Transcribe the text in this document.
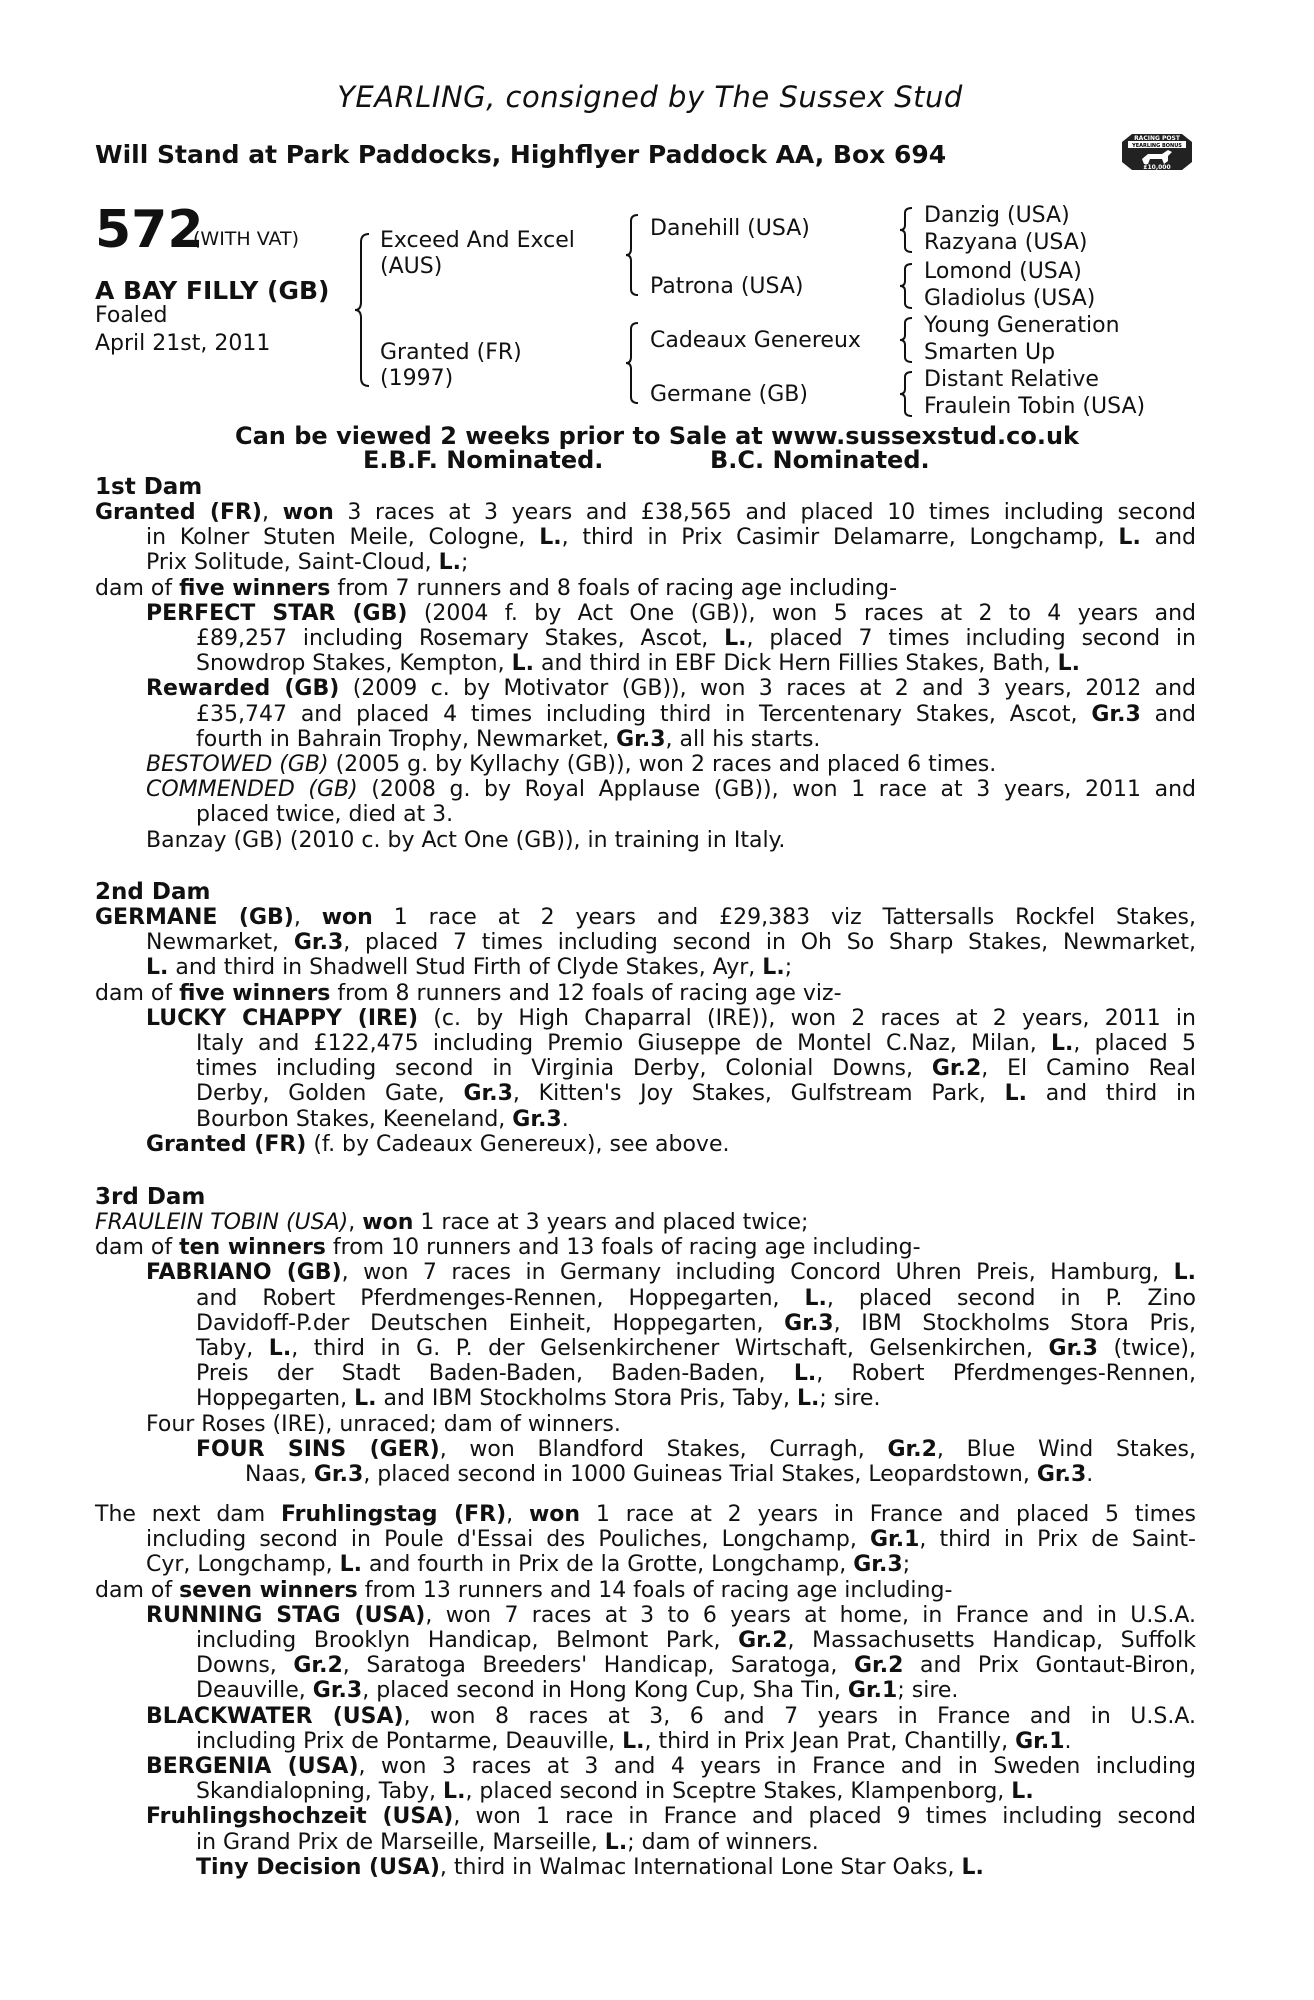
YEARLING, consigned by The Sussex Stud
Will Stand at Park Paddocks, Highflyer Paddock AA, Box 694
RACING POST
YEARLING BONUS
£10,000
572
(WITH VAT)
A BAY FILLY (GB)
Foaled
April 21st, 2011
Exceed And Excel
(AUS)
Granted (FR)
(1997)
Danehill (USA)
Patrona (USA)
Cadeaux Genereux
Germane (GB)
Danzig (USA)
Razyana (USA)
Lomond (USA)
Gladiolus (USA)
Young Generation
Smarten Up
Distant Relative
Fraulein Tobin (USA)
Can be viewed 2 weeks prior to Sale at www.sussexstud.co.uk
E.B.F. Nominated.	B.C. Nominated.
1st Dam
2nd Dam
3rd Dam
Granted (FR), won 3 races at 3 years and £38,565 and placed 10 times including second
in Kolner Stuten Meile, Cologne, L., third in Prix Casimir Delamarre, Longchamp, L. and
Prix Solitude, Saint-Cloud, L.;
dam of five winners from 7 runners and 8 foals of racing age including-
PERFECT STAR (GB) (2004 f. by Act One (GB)), won 5 races at 2 to 4 years and
£89,257 including Rosemary Stakes, Ascot, L., placed 7 times including second in
Snowdrop Stakes, Kempton, L. and third in EBF Dick Hern Fillies Stakes, Bath, L.
Rewarded (GB) (2009 c. by Motivator (GB)), won 3 races at 2 and 3 years, 2012 and
£35,747 and placed 4 times including third in Tercentenary Stakes, Ascot, Gr.3 and
fourth in Bahrain Trophy, Newmarket, Gr.3, all his starts.
BESTOWED (GB) (2005 g. by Kyllachy (GB)), won 2 races and placed 6 times.
COMMENDED (GB) (2008 g. by Royal Applause (GB)), won 1 race at 3 years, 2011 and
placed twice, died at 3.
Banzay (GB) (2010 c. by Act One (GB)), in training in Italy.
GERMANE (GB), won 1 race at 2 years and £29,383 viz Tattersalls Rockfel Stakes,
Newmarket, Gr.3, placed 7 times including second in Oh So Sharp Stakes, Newmarket,
L. and third in Shadwell Stud Firth of Clyde Stakes, Ayr, L.;
dam of five winners from 8 runners and 12 foals of racing age viz-
LUCKY CHAPPY (IRE) (c. by High Chaparral (IRE)), won 2 races at 2 years, 2011 in
Italy and £122,475 including Premio Giuseppe de Montel C.Naz, Milan, L., placed 5
times including second in Virginia Derby, Colonial Downs, Gr.2, El Camino Real
Derby, Golden Gate, Gr.3, Kitten's Joy Stakes, Gulfstream Park, L. and third in
Bourbon Stakes, Keeneland, Gr.3.
Granted (FR) (f. by Cadeaux Genereux), see above.
FRAULEIN TOBIN (USA), won 1 race at 3 years and placed twice;
dam of ten winners from 10 runners and 13 foals of racing age including-
FABRIANO (GB), won 7 races in Germany including Concord Uhren Preis, Hamburg, L.
and Robert Pferdmenges-Rennen, Hoppegarten, L., placed second in P. Zino
Davidoff-P.der Deutschen Einheit, Hoppegarten, Gr.3, IBM Stockholms Stora Pris,
Taby, L., third in G. P. der Gelsenkirchener Wirtschaft, Gelsenkirchen, Gr.3 (twice),
Preis der Stadt Baden-Baden, Baden-Baden, L., Robert Pferdmenges-Rennen,
Hoppegarten, L. and IBM Stockholms Stora Pris, Taby, L.; sire.
Four Roses (IRE), unraced; dam of winners.
FOUR SINS (GER), won Blandford Stakes, Curragh, Gr.2, Blue Wind Stakes,
Naas, Gr.3, placed second in 1000 Guineas Trial Stakes, Leopardstown, Gr.3.
The next dam Fruhlingstag (FR), won 1 race at 2 years in France and placed 5 times
including second in Poule d'Essai des Pouliches, Longchamp, Gr.1, third in Prix de Saint-
Cyr, Longchamp, L. and fourth in Prix de la Grotte, Longchamp, Gr.3;
dam of seven winners from 13 runners and 14 foals of racing age including-
RUNNING STAG (USA), won 7 races at 3 to 6 years at home, in France and in U.S.A.
including Brooklyn Handicap, Belmont Park, Gr.2, Massachusetts Handicap, Suffolk
Downs, Gr.2, Saratoga Breeders' Handicap, Saratoga, Gr.2 and Prix Gontaut-Biron,
Deauville, Gr.3, placed second in Hong Kong Cup, Sha Tin, Gr.1; sire.
BLACKWATER (USA), won 8 races at 3, 6 and 7 years in France and in U.S.A.
including Prix de Pontarme, Deauville, L., third in Prix Jean Prat, Chantilly, Gr.1.
BERGENIA (USA), won 3 races at 3 and 4 years in France and in Sweden including
Skandialopning, Taby, L., placed second in Sceptre Stakes, Klampenborg, L.
Fruhlingshochzeit (USA), won 1 race in France and placed 9 times including second
in Grand Prix de Marseille, Marseille, L.; dam of winners.
Tiny Decision (USA), third in Walmac International Lone Star Oaks, L.
